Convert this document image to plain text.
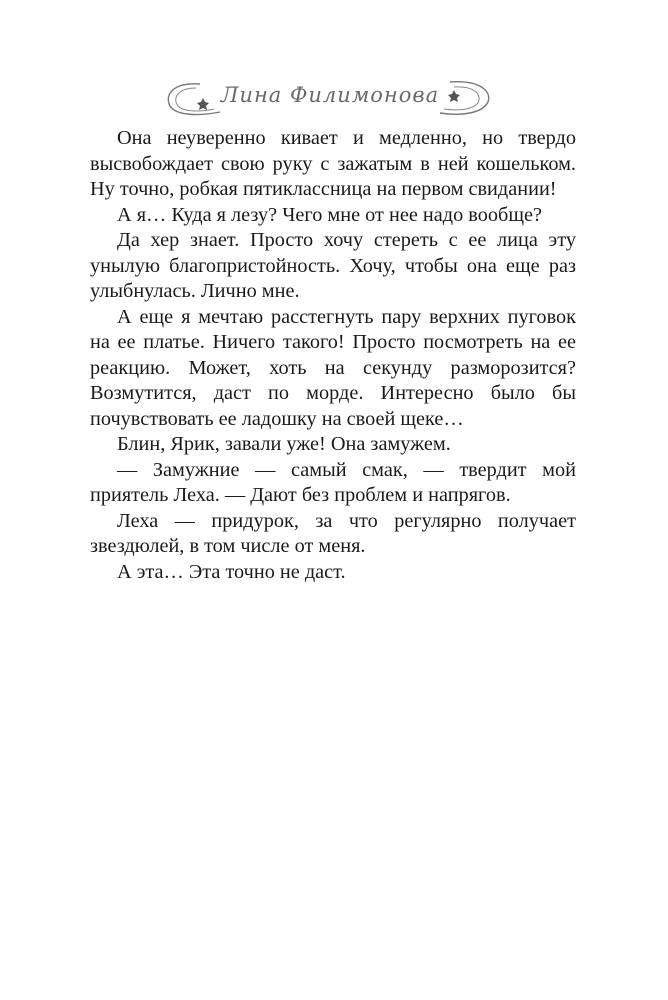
Лина Филимонова

Она неуверенно кивает и медленно, но твердо высвобождает свою руку с зажатым в ней кошельком. Ну точно, робкая пятиклассница на первом свидании!

А я… Куда я лезу? Чего мне от нее надо вообще?

Да хер знает. Просто хочу стереть с ее лица эту унылую благопристойность. Хочу, чтобы она еще раз улыбнулась. Лично мне.

А еще я мечтаю расстегнуть пару верхних пуговок на ее платье. Ничего такого! Просто посмотреть на ее реакцию. Может, хоть на секунду разморозится? Возмутится, даст по морде. Интересно было бы почувствовать ее ладошку на своей щеке…

Блин, Ярик, завали уже! Она замужем.

— Замужние — самый смак, — твердит мой приятель Леха. — Дают без проблем и напрягов.

Леха — придурок, за что регулярно получает звездюлей, в том числе от меня.

А эта… Эта точно не даст.
